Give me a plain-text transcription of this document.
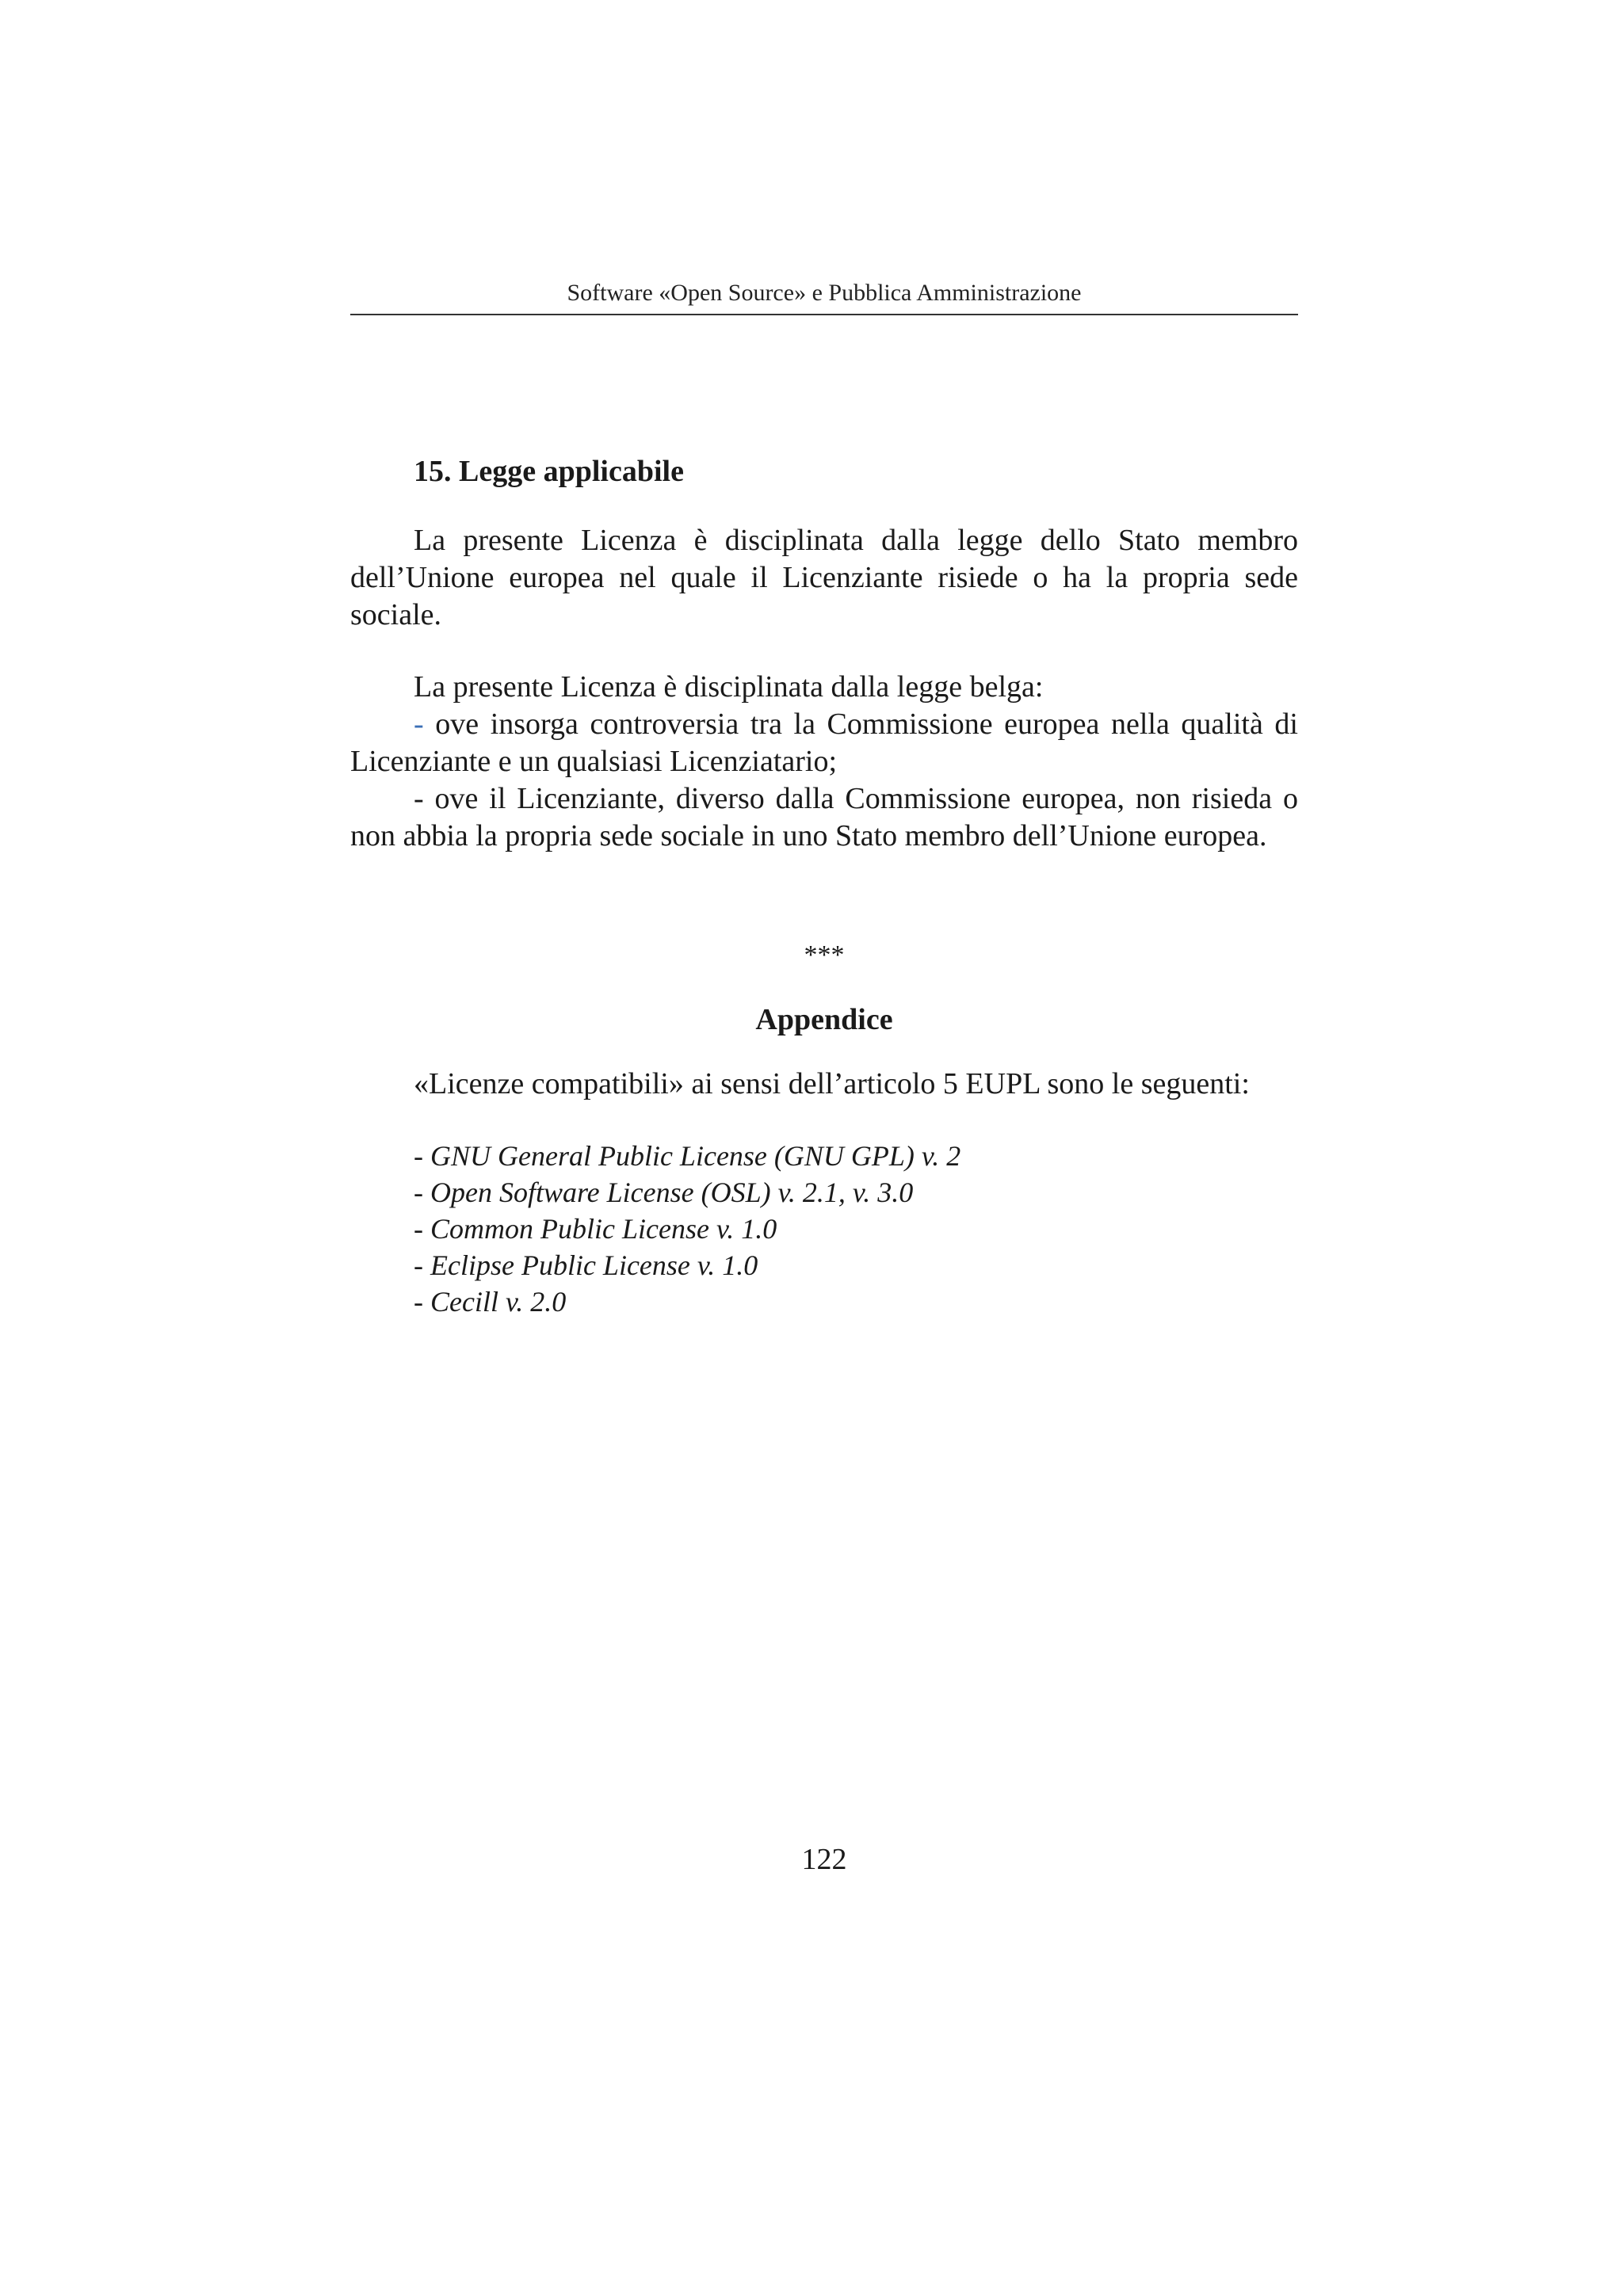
Software «Open Source» e Pubblica Amministrazione
15. Legge applicabile

La presente Licenza è disciplinata dalla legge dello Stato membro dell’Unione europea nel quale il Licenziante risiede o ha la propria sede sociale.

La presente Licenza è disciplinata dalla legge belga:

- ove insorga controversia tra la Commissione europea nella qualità di Licenziante e un qualsiasi Licenziatario;

- ove il Licenziante, diverso dalla Commissione europea, non risieda o non abbia la propria sede sociale in uno Stato membro dell’Unione europea.

***
Appendice
«Licenze compatibili» ai sensi dell’articolo 5 EUPL sono le seguenti:
- GNU General Public License (GNU GPL) v. 2
- Open Software License (OSL) v. 2.1, v. 3.0
- Common Public License v. 1.0
- Eclipse Public License v. 1.0
- Cecill v. 2.0
122
